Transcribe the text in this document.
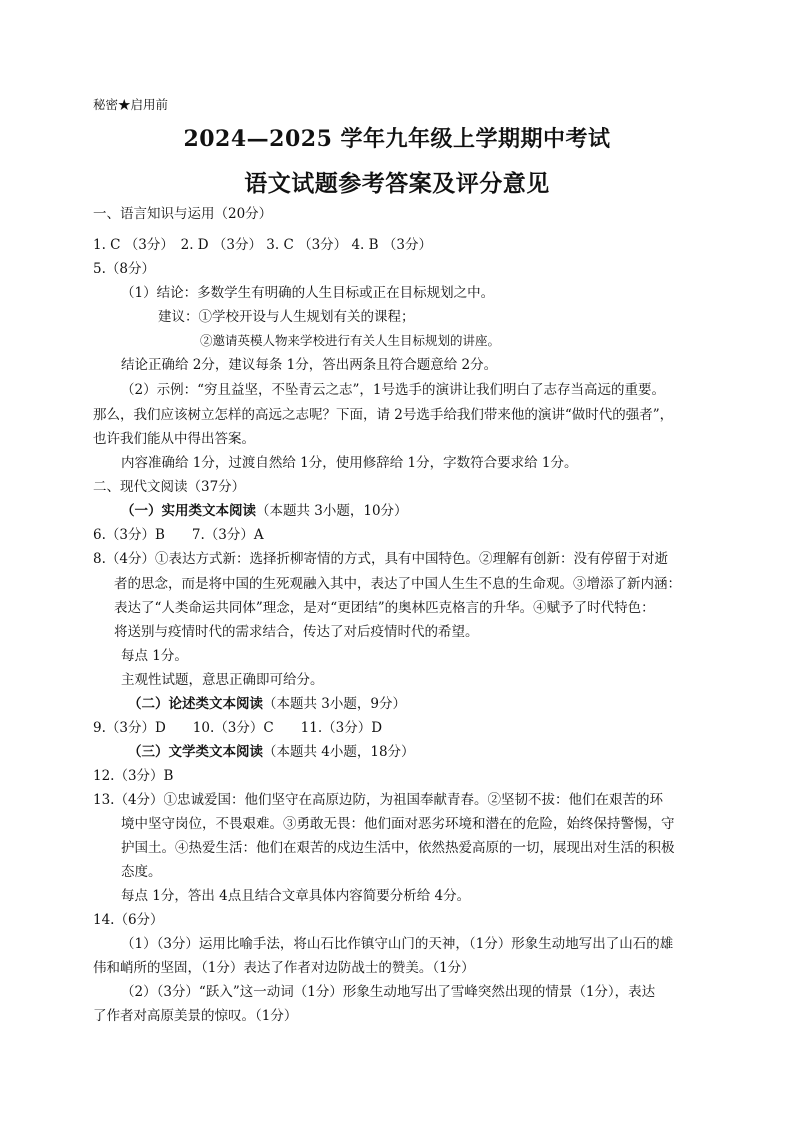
秘密★启用前
2024—2025 学年九年级上学期期中考试
语文试题参考答案及评分意见
一、语言知识与运用（20分）
1. C （3分）　2. D （3分） 3. C （3分） 4. B （3分）
5.（8分）
（1）结论：多数学生有明确的人生目标或正在目标规划之中。
建议：①学校开设与人生规划有关的课程；
②邀请英模人物来学校进行有关人生目标规划的讲座。
结论正确给 2分，建议每条 1分，答出两条且符合题意给 2分。
（2）示例：“穷且益坚，不坠青云之志”，1号选手的演讲让我们明白了志存当高远的重要。
那么，我们应该树立怎样的高远之志呢？下面，请 2号选手给我们带来他的演讲“做时代的强者”，
也许我们能从中得出答案。
内容准确给 1分，过渡自然给 1分，使用修辞给 1分，字数符合要求给 1分。
二、现代文阅读（37分）
（一）实用类文本阅读（本题共 3小题，10分）
6.（3分）B　　7.（3分）A
8.（4分）①表达方式新：选择折柳寄情的方式，具有中国特色。②理解有创新：没有停留于对逝
者的思念，而是将中国的生死观融入其中，表达了中国人生生不息的生命观。③增添了新内涵：
表达了“人类命运共同体”理念，是对“更团结”的奥林匹克格言的升华。④赋予了时代特色：
将送别与疫情时代的需求结合，传达了对后疫情时代的希望。
每点 1分。
主观性试题，意思正确即可给分。
（二）论述类文本阅读（本题共 3小题，9分）
9.（3分）D　　10.（3分）C　　11.（3分）D
（三）文学类文本阅读（本题共 4小题，18分）
12.（3分）B
13.（4分）①忠诚爱国：他们坚守在高原边防，为祖国奉献青春。②坚韧不拔：他们在艰苦的环
境中坚守岗位，不畏艰难。③勇敢无畏：他们面对恶劣环境和潜在的危险，始终保持警惕，守
护国土。④热爱生活：他们在艰苦的戍边生活中，依然热爱高原的一切，展现出对生活的积极
态度。
每点 1分，答出 4点且结合文章具体内容简要分析给 4分。
14.（6分）
（1）（3分）运用比喻手法，将山石比作镇守山门的天神，（1分）形象生动地写出了山石的雄
伟和峭所的坚固，（1分）表达了作者对边防战士的赞美。（1分）
（2）（3分）“跃入”这一动词（1分）形象生动地写出了雪峰突然出现的情景（1分），表达
了作者对高原美景的惊叹。（1分）
